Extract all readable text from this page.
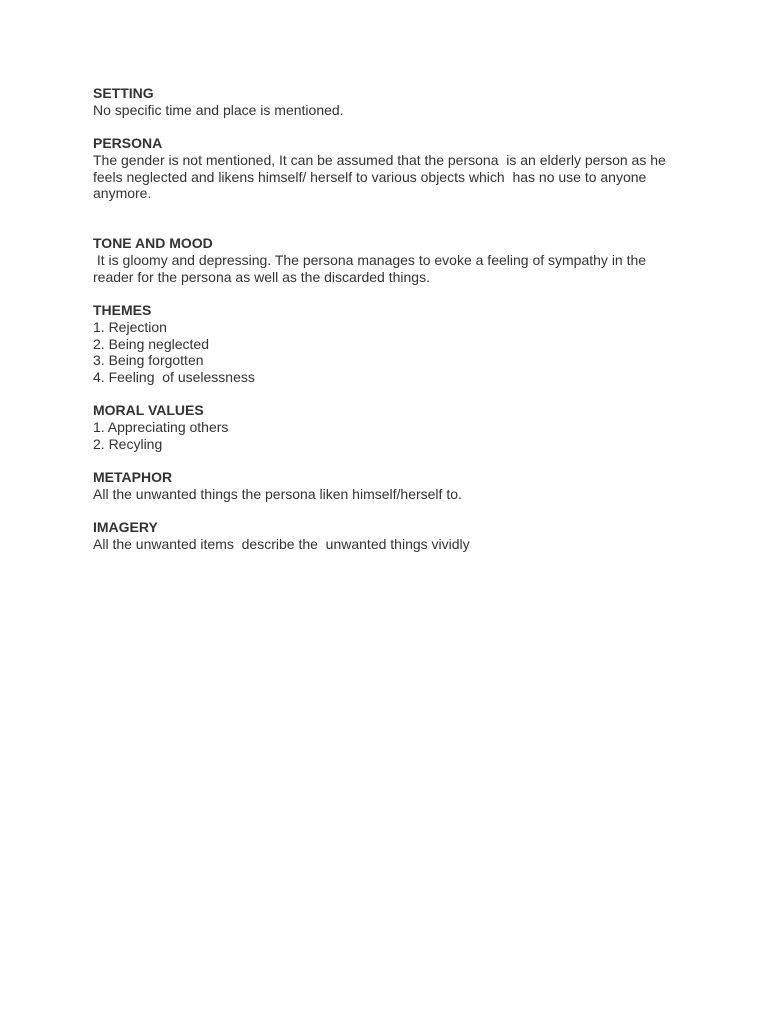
SETTING
No specific time and place is mentioned.
PERSONA
The gender is not mentioned, It can be assumed that the persona  is an elderly person as he
feels neglected and likens himself/ herself to various objects which  has no use to anyone
anymore.
TONE AND MOOD
It is gloomy and depressing. The persona manages to evoke a feeling of sympathy in the
reader for the persona as well as the discarded things.
THEMES
1. Rejection
2. Being neglected
3. Being forgotten
4. Feeling  of uselessness
MORAL VALUES
1. Appreciating others
2. Recyling
METAPHOR
All the unwanted things the persona liken himself/herself to.
IMAGERY
All the unwanted items  describe the  unwanted things vividly
